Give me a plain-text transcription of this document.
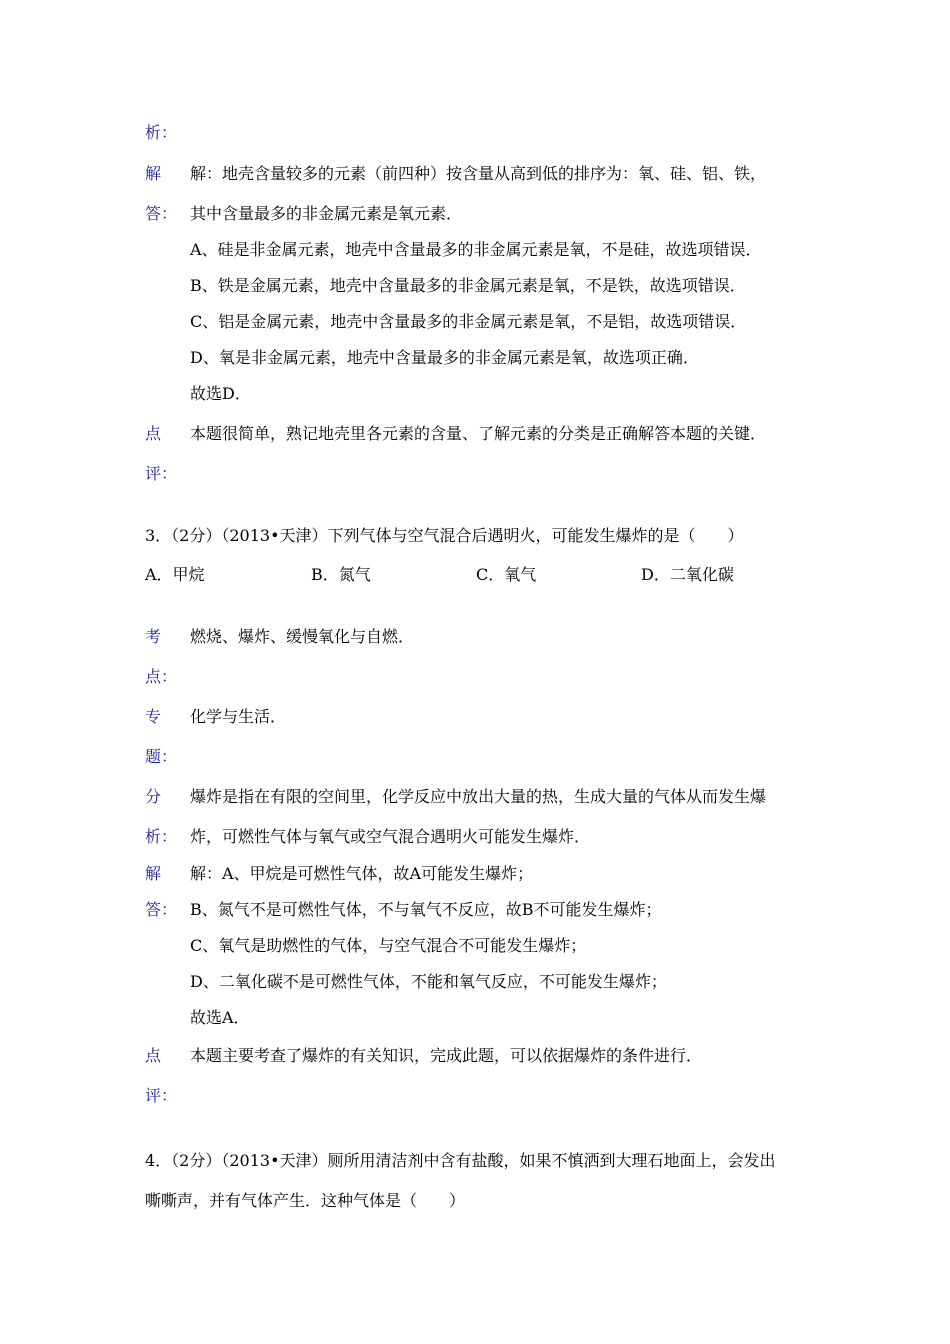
析：
解
答：
解：地壳含量较多的元素（前四种）按含量从高到低的排序为：氧、硅、铝、铁，
其中含量最多的非金属元素是氧元素．
A、硅是非金属元素，地壳中含量最多的非金属元素是氧，不是硅，故选项错误．
B、铁是金属元素，地壳中含量最多的非金属元素是氧，不是铁，故选项错误．
C、铝是金属元素，地壳中含量最多的非金属元素是氧，不是铝，故选项错误．
D、氧是非金属元素，地壳中含量最多的非金属元素是氧，故选项正确．
故选D．
点
评：
本题很简单，熟记地壳里各元素的含量、了解元素的分类是正确解答本题的关键．
3．（2分）（2013•天津）下列气体与空气混合后遇明火，可能发生爆炸的是（　　）
A．甲烷	B．氮气	C．氧气	D．二氧化碳
考
点：
燃烧、爆炸、缓慢氧化与自燃．
专
题：
化学与生活．
分
析：
爆炸是指在有限的空间里，化学反应中放出大量的热，生成大量的气体从而发生爆
炸，可燃性气体与氧气或空气混合遇明火可能发生爆炸．
解
答：
解：A、甲烷是可燃性气体，故A可能发生爆炸；
B、氮气不是可燃性气体，不与氧气不反应，故B不可能发生爆炸；
C、氧气是助燃性的气体，与空气混合不可能发生爆炸；
D、二氧化碳不是可燃性气体，不能和氧气反应，不可能发生爆炸；
故选A．
点
评：
本题主要考查了爆炸的有关知识，完成此题，可以依据爆炸的条件进行．
4．（2分）（2013•天津）厕所用清洁剂中含有盐酸，如果不慎洒到大理石地面上，会发出
嘶嘶声，并有气体产生．这种气体是（　　）
